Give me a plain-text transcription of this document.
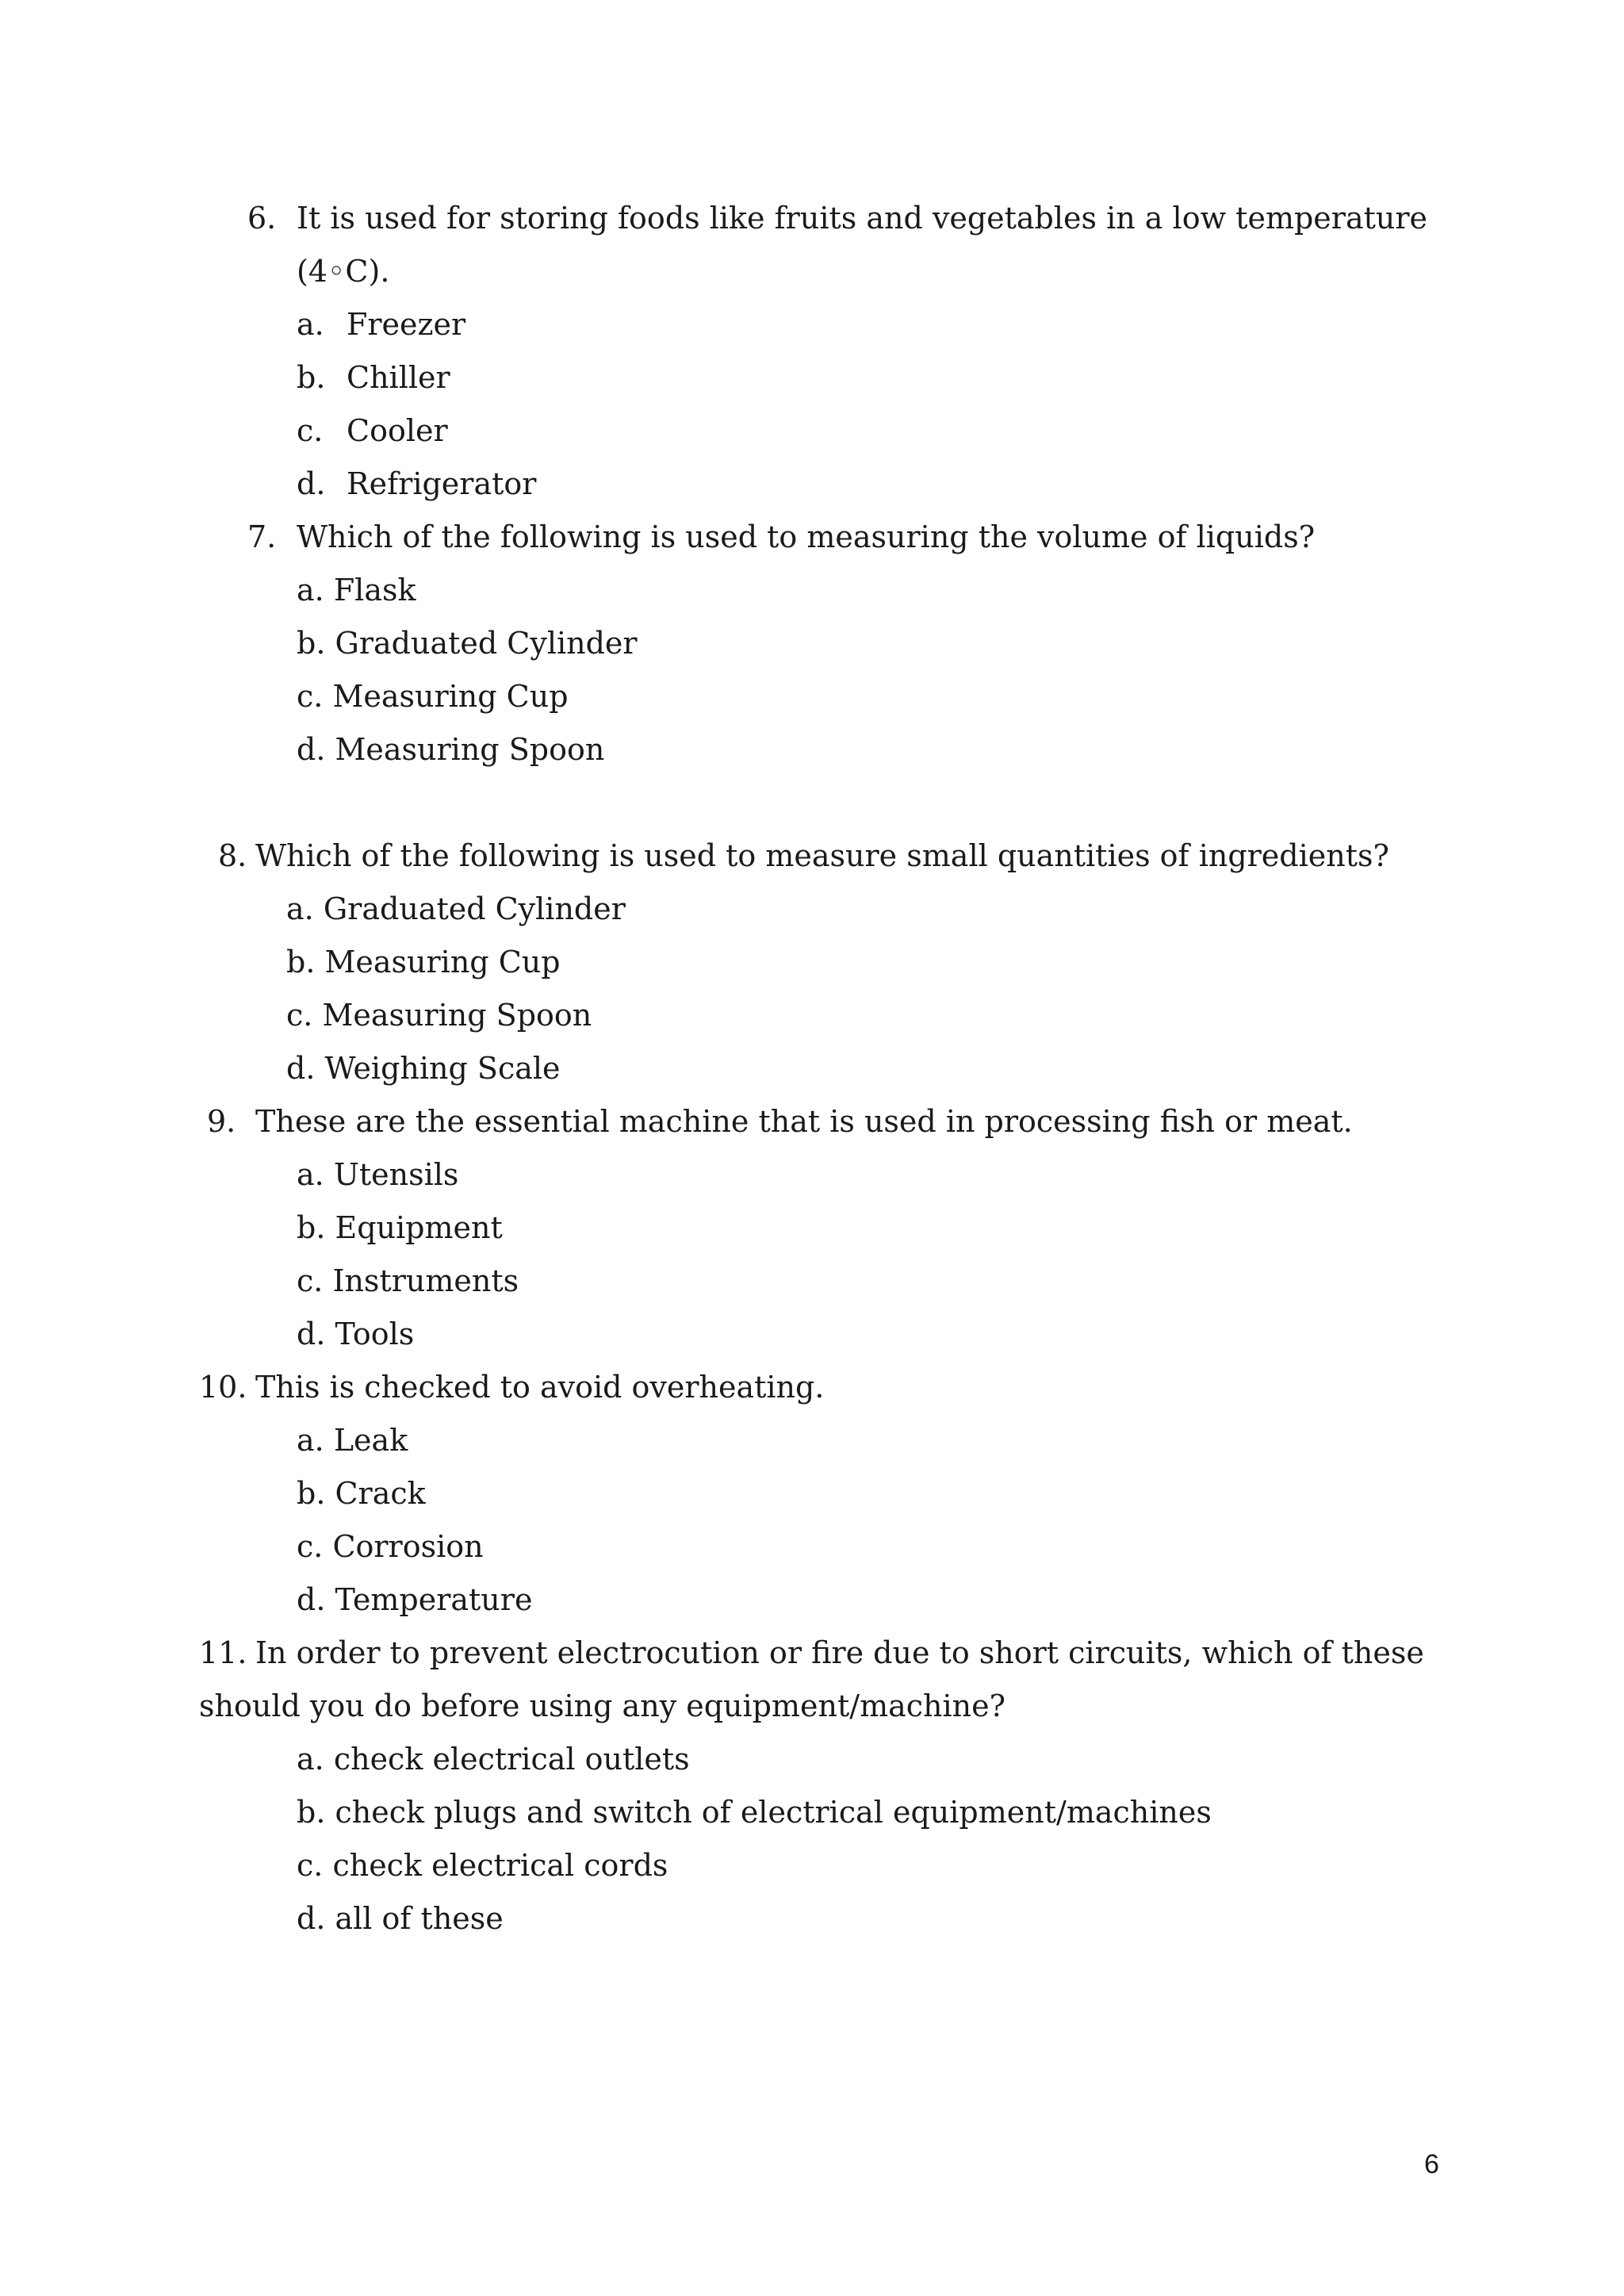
6. It is used for storing foods like fruits and vegetables in a low temperature
(4◦C).
a. Freezer
b. Chiller
c. Cooler
d. Refrigerator
7. Which of the following is used to measuring the volume of liquids?
a. Flask
b. Graduated Cylinder
c. Measuring Cup
d. Measuring Spoon
8. Which of the following is used to measure small quantities of ingredients?
a. Graduated Cylinder
b. Measuring Cup
c. Measuring Spoon
d. Weighing Scale
9. These are the essential machine that is used in processing fish or meat.
a. Utensils
b. Equipment
c. Instruments
d. Tools
10. This is checked to avoid overheating.
a. Leak
b. Crack
c. Corrosion
d. Temperature
11. In order to prevent electrocution or fire due to short circuits, which of these
should you do before using any equipment/machine?
a. check electrical outlets
b. check plugs and switch of electrical equipment/machines
c. check electrical cords
d. all of these
6
